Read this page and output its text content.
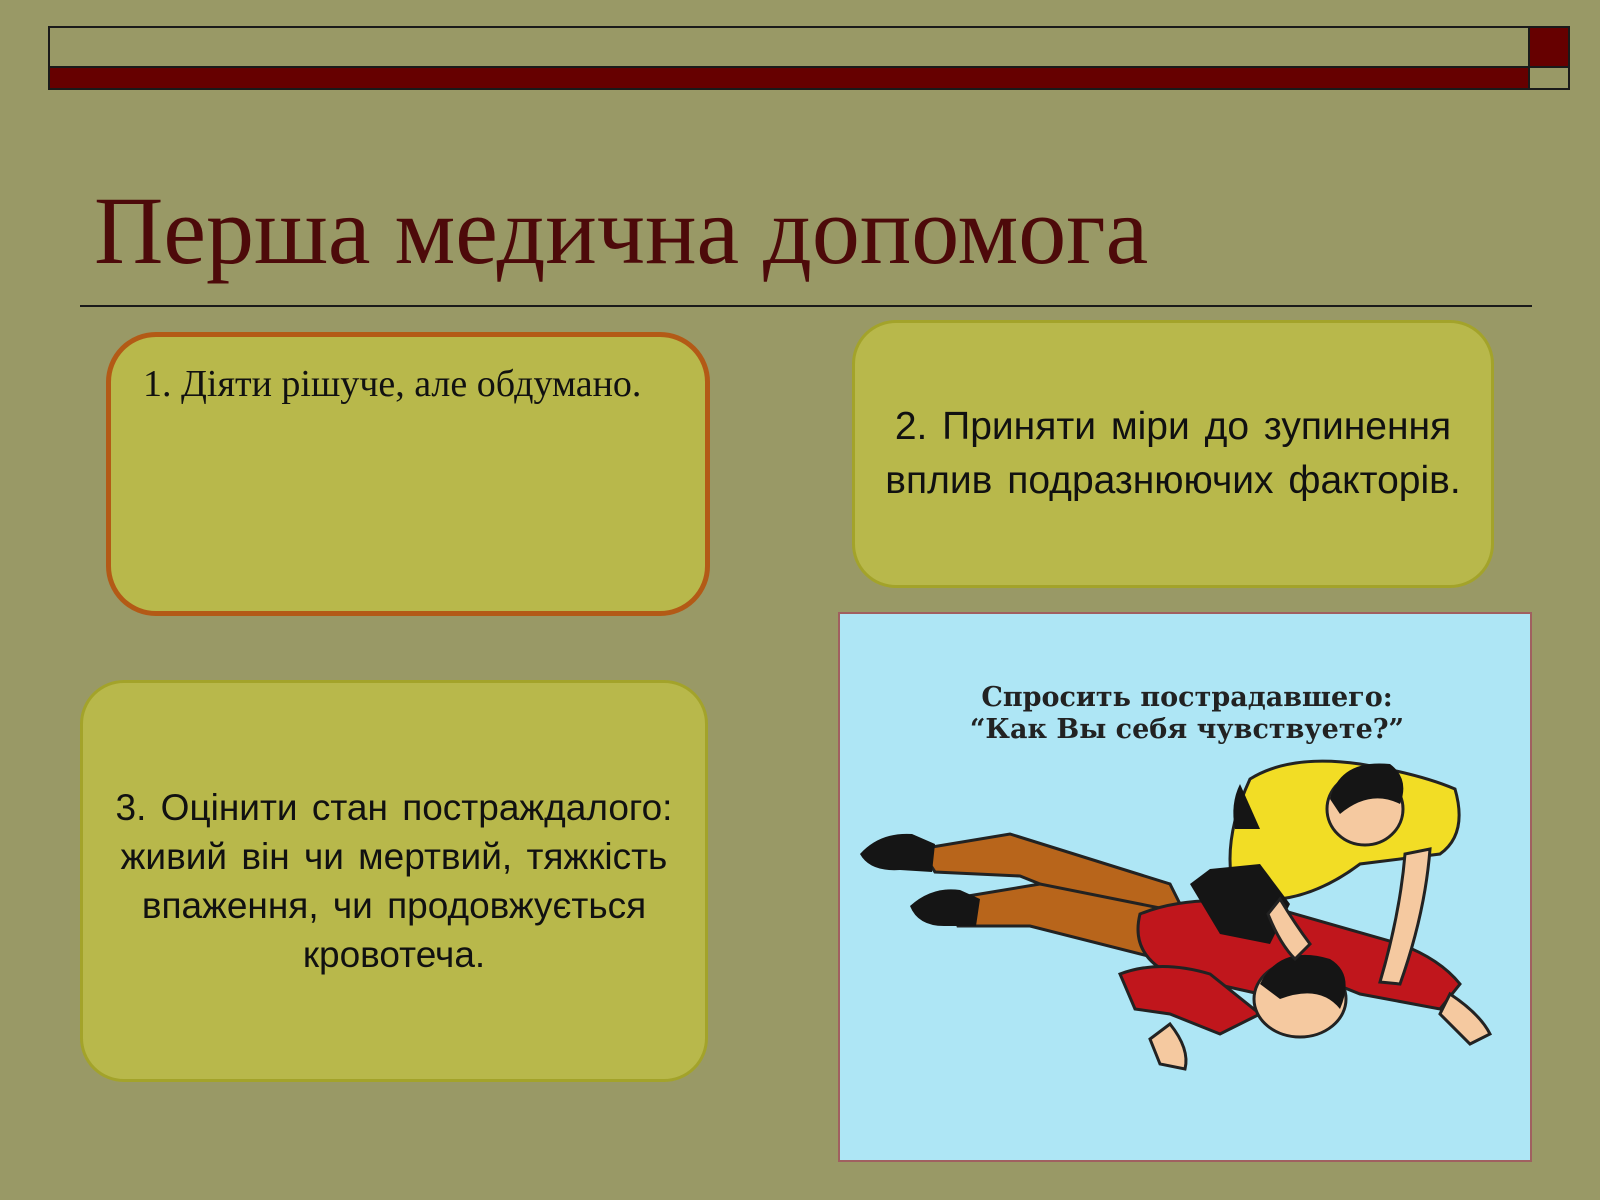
Перша медична допомога
1. Діяти рішуче, але обдумано.
2. Приняти міри до зупинення вплив подразнюючих факторів.
3. Оцінити стан постраждалого: живий він чи мертвий, тяжкість впаження, чи продовжується кровотеча.
Спросить пострадавшего:
“Как Вы себя чувствуете?”
